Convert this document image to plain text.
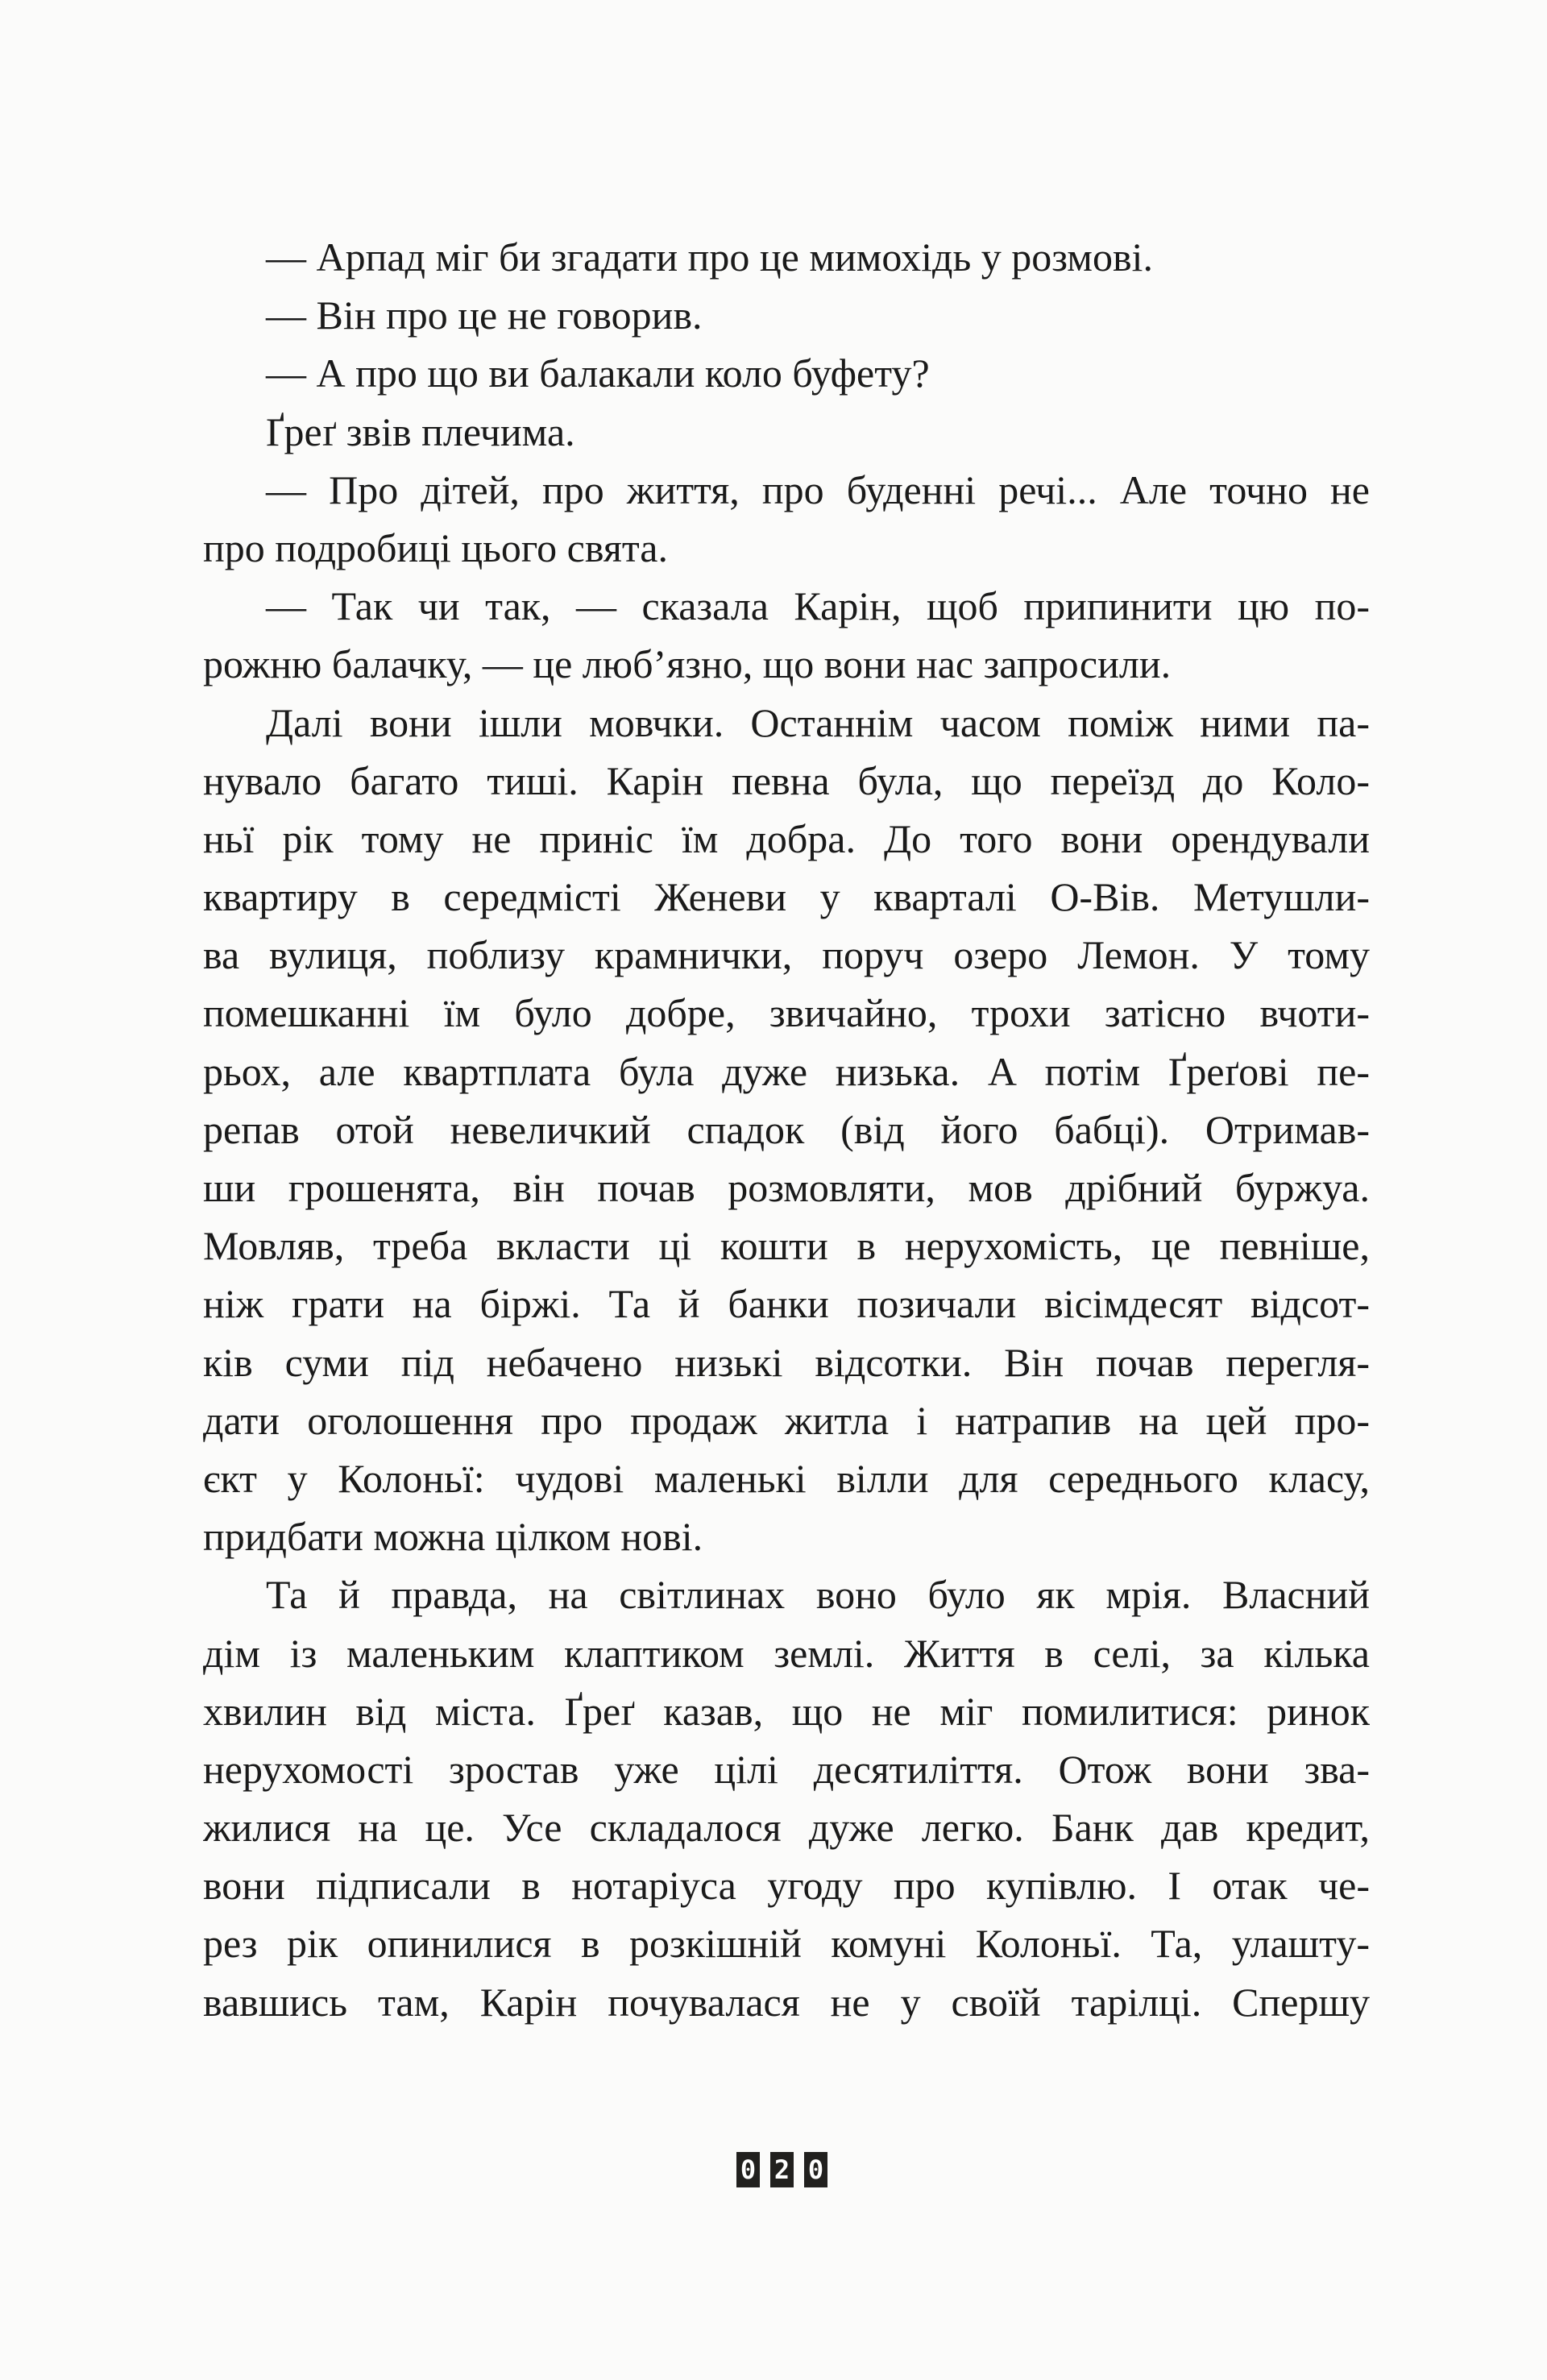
— Арпад міг би згадати про це мимохідь у розмові.
— Він про це не говорив.
— А про що ви балакали коло буфету?
Ґреґ звів плечима.
— Про дітей, про життя, про буденні речі... Але точно не
про подробиці цього свята.
— Так чи так, — сказала Карін, щоб припинити цю по-
рожню балачку, — це люб’язно, що вони нас запросили.
Далі вони ішли мовчки. Останнім часом поміж ними па-
нувало багато тиші. Карін певна була, що переїзд до Коло-
ньї рік тому не приніс їм добра. До того вони орендували
квартиру в середмісті Женеви у кварталі О-Вів. Метушли-
ва вулиця, поблизу крамнички, поруч озеро Лемон. У тому
помешканні їм було добре, звичайно, трохи затісно вчоти-
рьох, але квартплата була дуже низька. А потім Ґреґові пе-
репав отой невеличкий спадок (від його бабці). Отримав-
ши грошенята, він почав розмовляти, мов дрібний буржуа.
Мовляв, треба вкласти ці кошти в нерухомість, це певніше,
ніж грати на біржі. Та й банки позичали вісімдесят відсот-
ків суми під небачено низькі відсотки. Він почав перегля-
дати оголошення про продаж житла і натрапив на цей про-
єкт у Колоньї: чудові маленькі вілли для середнього класу,
придбати можна цілком нові.
Та й правда, на світлинах воно було як мрія. Власний
дім із маленьким клаптиком землі. Життя в селі, за кілька
хвилин від міста. Ґреґ казав, що не міг помилитися: ринок
нерухомості зростав уже цілі десятиліття. Отож вони зва-
жилися на це. Усе складалося дуже легко. Банк дав кредит,
вони підписали в нотаріуса угоду про купівлю. І отак че-
рез рік опинилися в розкішній комуні Колоньї. Та, улашту-
вавшись там, Карін почувалася не у своїй тарілці. Спершу
0 2 0
